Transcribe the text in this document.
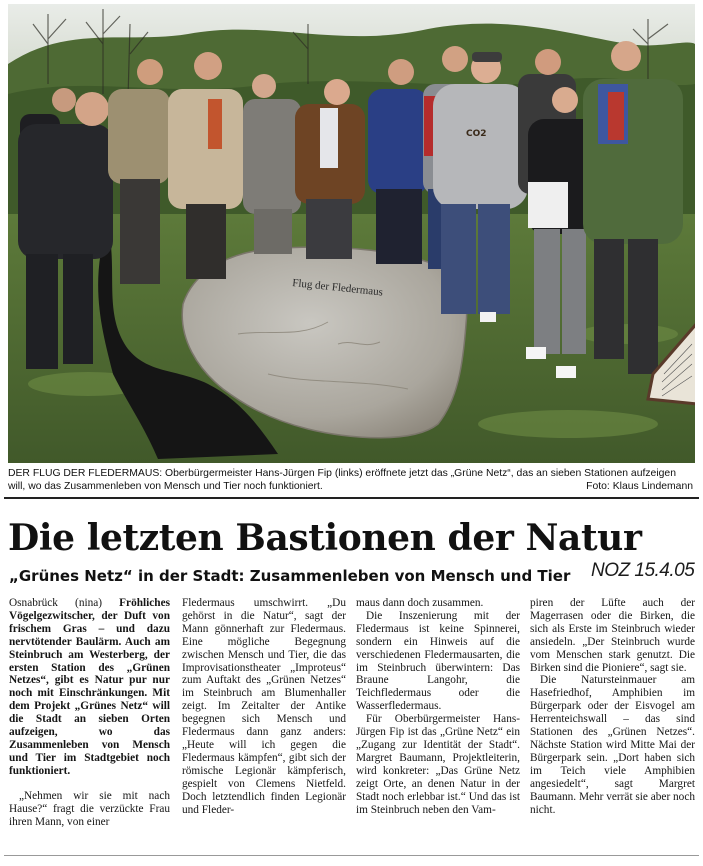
Flug der Fledermaus
CO2
DER FLUG DER FLEDERMAUS: Oberbürgermeister Hans-Jürgen Fip (links) eröffnete jetzt das „Grüne Netz“, das an sieben Stationen aufzeigen will, wo das Zusammenleben von Mensch und Tier noch funktioniert.	Foto: Klaus Lindemann
Die letzten Bastionen der Natur
„Grünes Netz“ in der Stadt: Zusammenleben von Mensch und Tier NOZ 15.4.05

Osnabrück (nina) Fröhliches Vögelgezwitscher, der Duft von frischem Gras – und dazu nervtötender Baulärm. Auch am Steinbruch am Westerberg, der ersten Station des „Grünen Netzes“, gibt es Natur pur nur noch mit Einschränkungen. Mit dem Projekt „Grünes Netz“ will die Stadt an sieben Orten aufzeigen, wo das Zusammenleben von Mensch und Tier im Stadtgebiet noch funktioniert.

„Nehmen wir sie mit nach Hause?“ fragt die verzückte Frau ihren Mann, von einer

Fledermaus umschwirrt. „Du gehörst in die Natur“, sagt der Mann gönnerhaft zur Fledermaus. Eine mögliche Begegnung zwischen Mensch und Tier, die das Improvisationstheater „Improteus“ zum Auftakt des „Grünen Netzes“ im Steinbruch am Blumenhaller zeigt. Im Zeitalter der Antike begegnen sich Mensch und Fledermaus dann ganz anders: „Heute will ich gegen die Fledermaus kämpfen“, gibt sich der römische Legionär kämpferisch, gespielt von Clemens Nietfeld. Doch letztendlich finden Legionär und Fleder-

maus dann doch zusammen.

Die Inszenierung mit der Fledermaus ist keine Spinnerei, sondern ein Hinweis auf die verschiedenen Fledermausarten, die im Steinbruch überwintern: Das Braune Langohr, die Teichfledermaus oder die Wasserfledermaus.

Für Oberbürgermeister Hans-Jürgen Fip ist das „Grüne Netz“ ein „Zugang zur Identität der Stadt“. Margret Baumann, Projektleiterin, wird konkreter: „Das Grüne Netz zeigt Orte, an denen Natur in der Stadt noch erlebbar ist.“ Und das ist im Steinbruch neben den Vam-

piren der Lüfte auch der Magerrasen oder die Birken, die sich als Erste im Steinbruch wieder ansiedeln. „Der Steinbruch wurde vom Menschen stark genutzt. Die Birken sind die Pioniere“, sagt sie.

Die Natursteinmauer am Hasefriedhof, Amphibien im Bürgerpark oder der Eisvogel am Herrenteichswall – das sind Stationen des „Grünen Netzes“. Nächste Station wird Mitte Mai der Bürgerpark sein. „Dort haben sich im Teich viele Amphibien angesiedelt“, sagt Margret Baumann. Mehr verrät sie aber noch nicht.
